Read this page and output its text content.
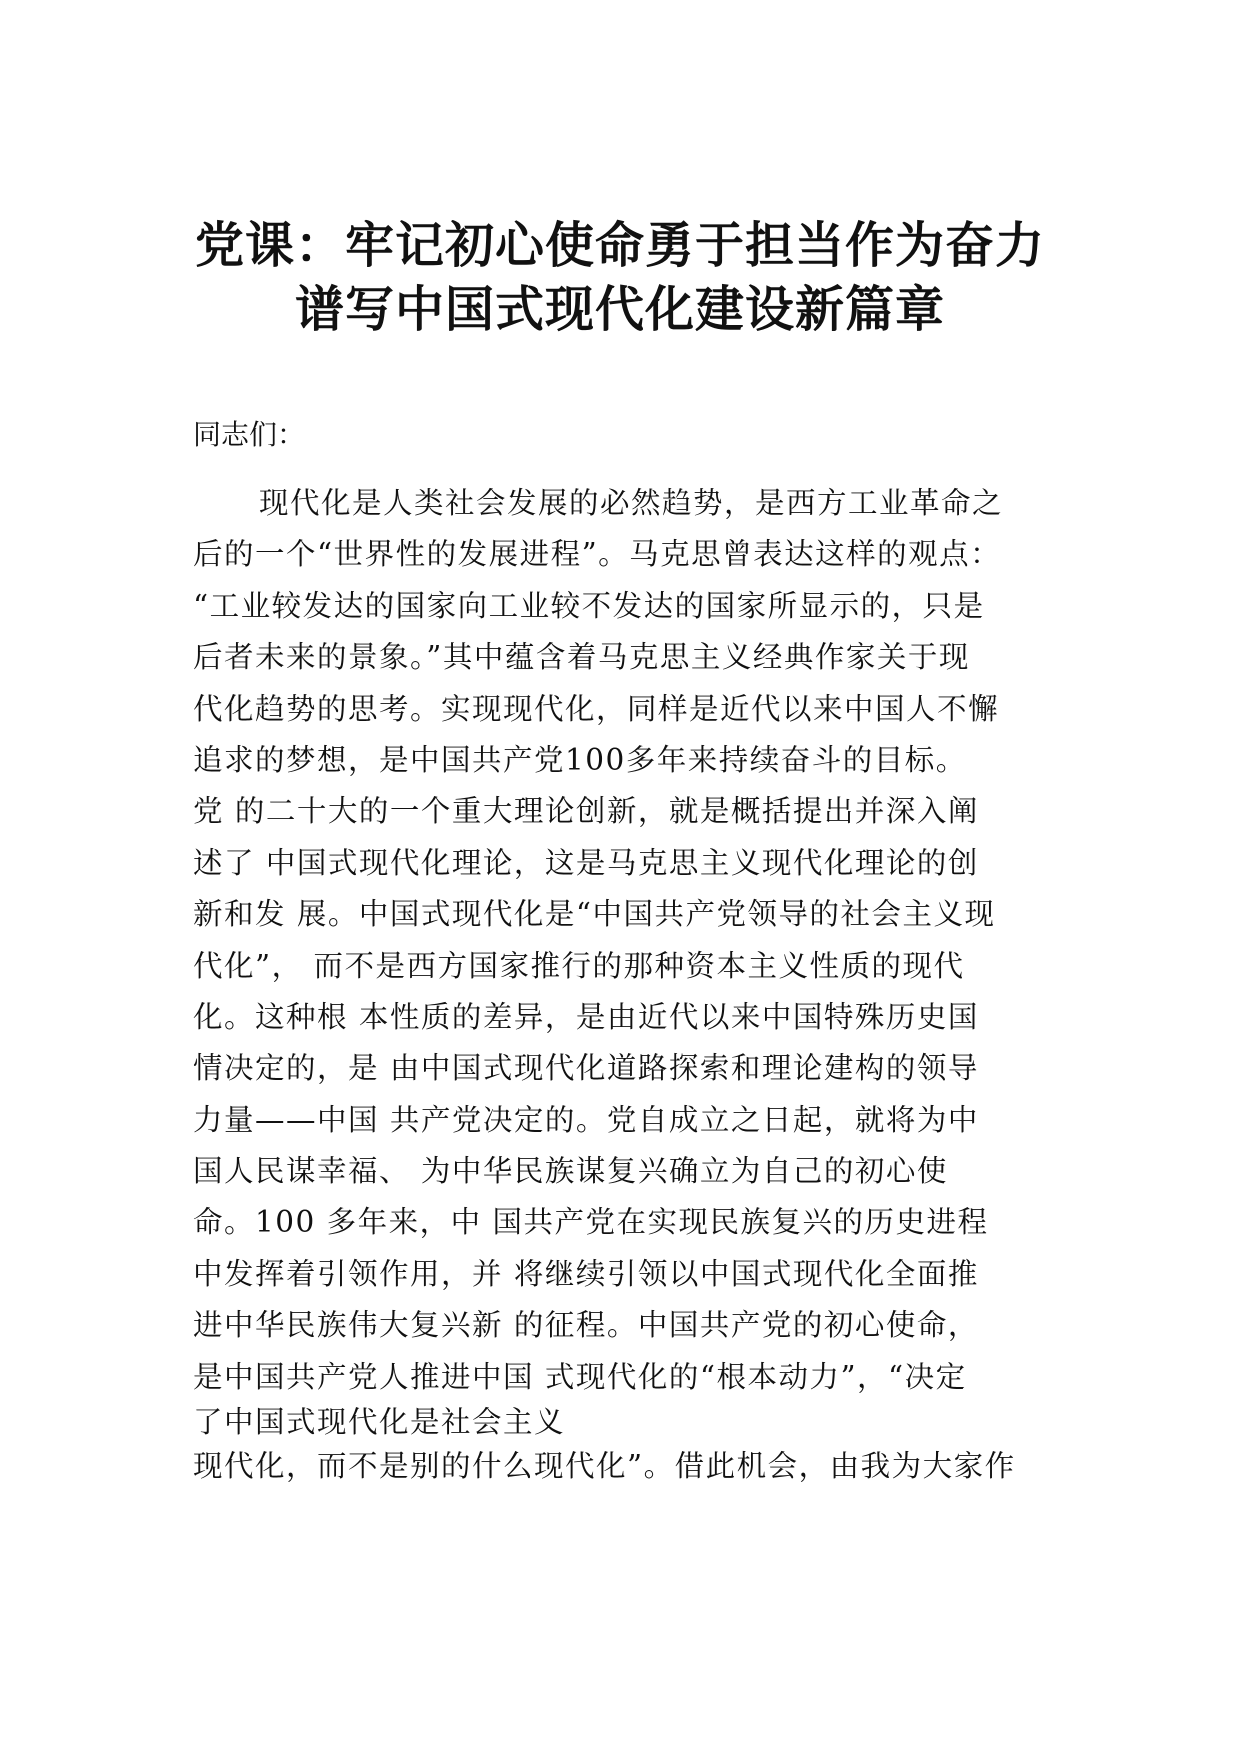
党课：牢记初心使命勇于担当作为奋力
谱写中国式现代化建设新篇章

同志们：

现代化是人类社会发展的必然趋势，是西方工业革命之
后的一个“世界性的发展进程”。马克思曾表达这样的观点：
“工业较发达的国家向工业较不发达的国家所显示的，只是
后者未来的景象。”其中蕴含着马克思主义经典作家关于现
代化趋势的思考。实现现代化，同样是近代以来中国人不懈
追求的梦想，是中国共产党100多年来持续奋斗的目标。
党 的二十大的一个重大理论创新，就是概括提出并深入阐
述了 中国式现代化理论，这是马克思主义现代化理论的创
新和发 展。中国式现代化是“中国共产党领导的社会主义现
代化”， 而不是西方国家推行的那种资本主义性质的现代
化。这种根 本性质的差异，是由近代以来中国特殊历史国
情决定的，是 由中国式现代化道路探索和理论建构的领导
力量——中国 共产党决定的。党自成立之日起，就将为中
国人民谋幸福、 为中华民族谋复兴确立为自己的初心使
命。100 多年来，中 国共产党在实现民族复兴的历史进程
中发挥着引领作用，并 将继续引领以中国式现代化全面推
进中华民族伟大复兴新 的征程。中国共产党的初心使命，
是中国共产党人推进中国 式现代化的“根本动力”，“决定
了中国式现代化是社会主义
现代化，而不是别的什么现代化”。借此机会，由我为大家作
